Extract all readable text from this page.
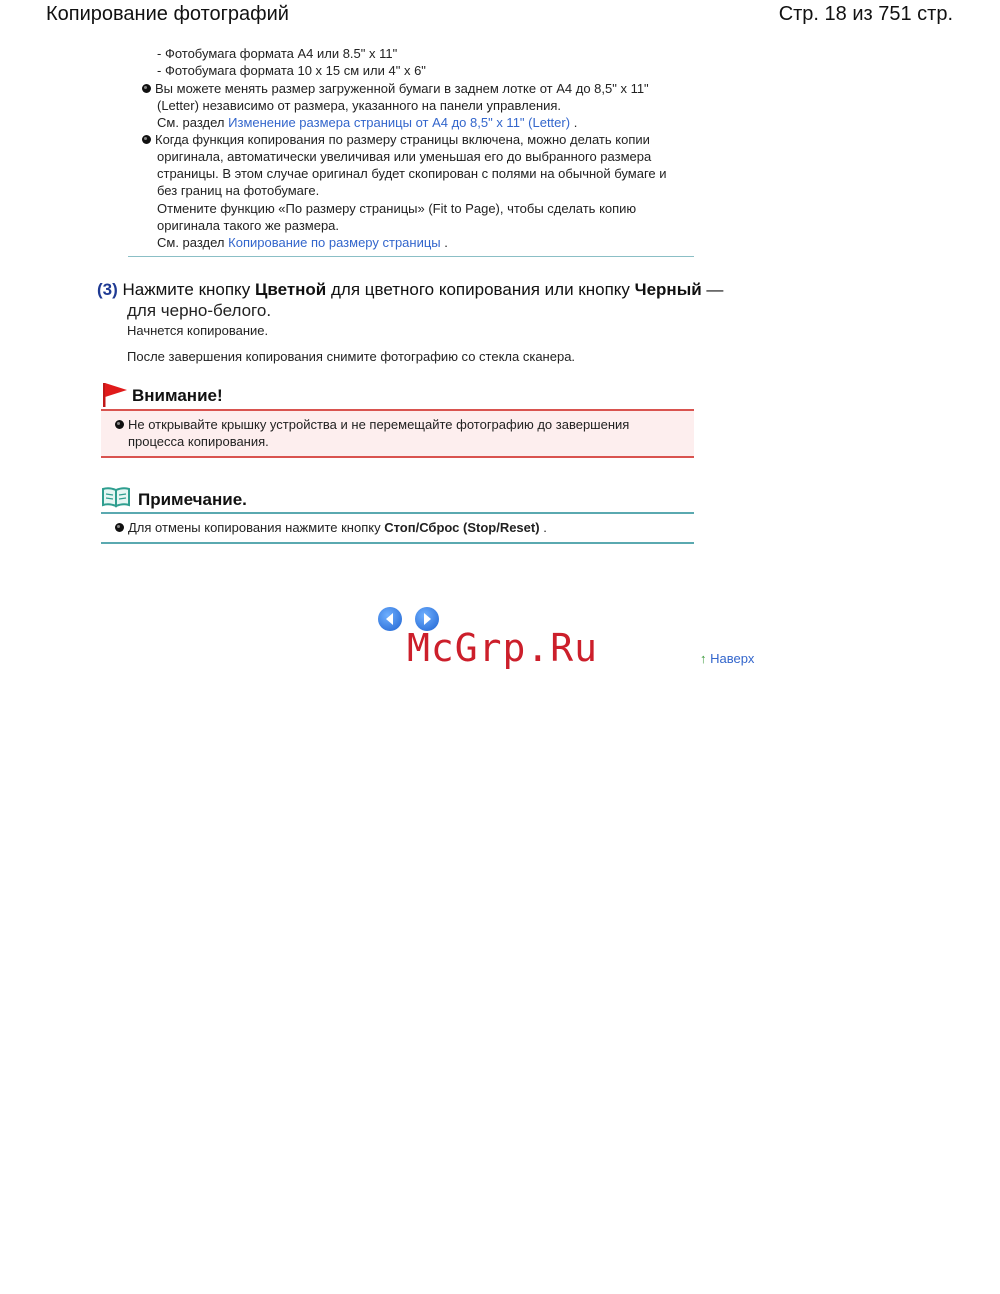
Копирование фотографий	Стр. 18 из 751 стр.
- Фотобумага формата A4 или 8.5" x 11"
- Фотобумага формата 10 x 15 см или 4" x 6"
Вы можете менять размер загруженной бумаги в заднем лотке от A4 до 8,5" x 11"
(Letter) независимо от размера, указанного на панели управления.
См. раздел Изменение размера страницы от A4 до 8,5" x 11" (Letter) .
Когда функция копирования по размеру страницы включена, можно делать копии
оригинала, автоматически увеличивая или уменьшая его до выбранного размера
страницы. В этом случае оригинал будет скопирован с полями на обычной бумаге и
без границ на фотобумаге.
Отмените функцию «По размеру страницы» (Fit to Page), чтобы сделать копию
оригинала такого же размера.
См. раздел Копирование по размеру страницы .
(3) Нажмите кнопку Цветной для цветного копирования или кнопку Черный —
для черно-белого.
Начнется копирование.
После завершения копирования снимите фотографию со стекла сканера.
Внимание!
Не открывайте крышку устройства и не перемещайте фотографию до завершения
процесса копирования.
Примечание.
Для отмены копирования нажмите кнопку Стоп/Сброс (Stop/Reset) .
McGrp.Ru	↑ Наверх
